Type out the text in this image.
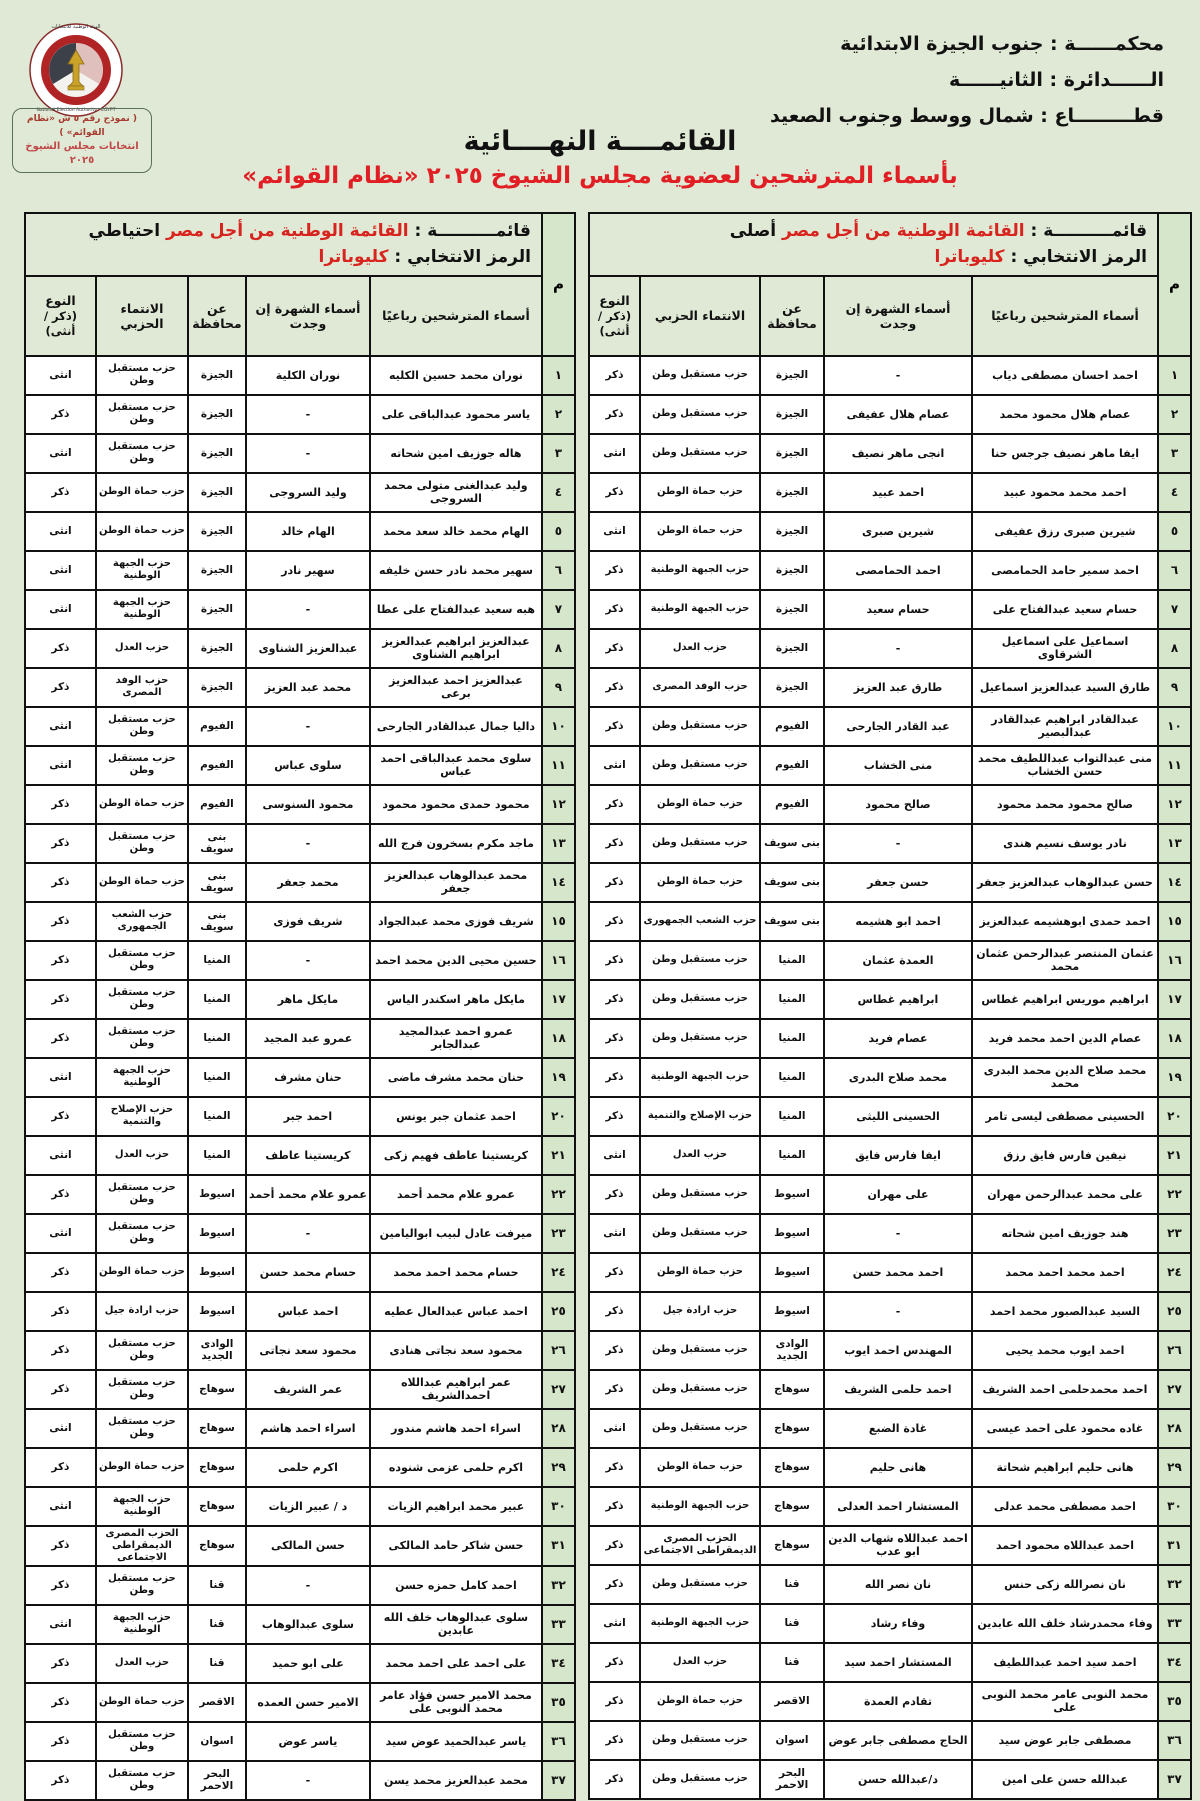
الهيئة الوطنية للانتخابات
National Election Authority · EGYPT
( نموذج رقم ٥ ش «نظام القوائم» )
انتخابات مجلس الشيوخ ٢٠٢٥
محكمــــــة : جنوب الجيزة الابتدائية
الــــــدائرة : الثانيــــــة
قطـــــــــاع : شمال ووسط وجنوب الصعيد
القائمــــة النهــــائية
بأسماء المترشحين لعضوية مجلس الشيوخ ٢٠٢٥ «نظام القوائم»
م	قائمــــــــــة : القائمة الوطنية من أجل مصر أصلى
الرمز الانتخابي : كليوباترا				

	أسماء المترشحين رباعيًا	أسماء الشهرة إن وجدت	عن محافظة	الانتماء الحزبي	النوع
(ذكر / أنثى)
١	احمد احسان مصطفى دياب	-	الجيزة	حزب مستقبل وطن	ذكر
٢	عصام هلال محمود محمد	عصام هلال عفيفى	الجيزة	حزب مستقبل وطن	ذكر
٣	ايفا ماهر نصيف جرجس حنا	انجى ماهر نصيف	الجيزة	حزب مستقبل وطن	انثى
٤	احمد محمد محمود عبيد	احمد عبيد	الجيزة	حزب حماة الوطن	ذكر
٥	شيرين صبرى رزق عفيفى	شيرين صبرى	الجيزة	حزب حماة الوطن	انثى
٦	احمد سمير حامد الحمامصى	احمد الحمامصى	الجيزة	حزب الجبهة الوطنية	ذكر
٧	حسام سعيد عبدالفتاح على	حسام سعيد	الجيزة	حزب الجبهة الوطنية	ذكر
٨	اسماعيل على اسماعيل الشرقاوى	-	الجيزة	حزب العدل	ذكر
٩	طارق السيد عبدالعزيز اسماعيل	طارق عبد العزيز	الجيزة	حزب الوفد المصرى	ذكر
١٠	عبدالقادر ابراهيم عبدالقادر عبدالبصير	عبد القادر الجارحى	الفيوم	حزب مستقبل وطن	ذكر
١١	منى عبدالتواب عبداللطيف محمد حسن الخشاب	منى الخشاب	الفيوم	حزب مستقبل وطن	انثى
١٢	صالح محمود محمد محمود	صالح محمود	الفيوم	حزب حماة الوطن	ذكر
١٣	نادر يوسف نسيم هندى	-	بنى سويف	حزب مستقبل وطن	ذكر
١٤	حسن عبدالوهاب عبدالعزيز جعفر	حسن جعفر	بنى سويف	حزب حماة الوطن	ذكر
١٥	احمد حمدى ابوهشيمه عبدالعزيز	احمد ابو هشيمه	بنى سويف	حزب الشعب الجمهورى	ذكر
١٦	عثمان المنتصر عبدالرحمن عثمان محمد	العمدة عثمان	المنيا	حزب مستقبل وطن	ذكر
١٧	ابراهيم موريس ابراهيم غطاس	ابراهيم غطاس	المنيا	حزب مستقبل وطن	ذكر
١٨	عصام الدين احمد محمد فريد	عصام فريد	المنيا	حزب مستقبل وطن	ذكر
١٩	محمد صلاح الدين محمد البدرى محمد	محمد صلاح البدرى	المنيا	حزب الجبهة الوطنية	ذكر
٢٠	الحسينى مصطفى ليسى تامر	الحسينى الليثى	المنيا	حزب الإصلاح والتنمية	ذكر
٢١	نيفين فارس فايق رزق	ايفا فارس فايق	المنيا	حزب العدل	انثى
٢٢	على محمد عبدالرحمن مهران	على مهران	اسيوط	حزب مستقبل وطن	ذكر
٢٣	هند جوزيف امين شحاته	-	اسيوط	حزب مستقبل وطن	انثى
٢٤	احمد محمد احمد محمد	احمد محمد حسن	اسيوط	حزب حماة الوطن	ذكر
٢٥	السيد عبدالصبور محمد احمد	-	اسيوط	حزب ارادة جيل	ذكر
٢٦	احمد ايوب محمد يحيى	المهندس احمد ايوب	الوادى الجديد	حزب مستقبل وطن	ذكر
٢٧	احمد محمدحلمى احمد الشريف	احمد حلمى الشريف	سوهاج	حزب مستقبل وطن	ذكر
٢٨	غاده محمود على احمد عيسى	غادة الضبع	سوهاج	حزب مستقبل وطن	انثى
٢٩	هانى حليم ابراهيم شحاتة	هانى حليم	سوهاج	حزب حماة الوطن	ذكر
٣٠	احمد مصطفى محمد عدلى	المستشار احمد العدلى	سوهاج	حزب الجبهة الوطنية	ذكر
٣١	احمد عبداللاه محمود احمد	احمد عبداللاه شهاب الدين ابو عدب	سوهاج	الحزب المصرى الديمقراطى الاجتماعى	ذكر
٣٢	نان نصرالله زكى حنس	نان نصر الله	قنا	حزب مستقبل وطن	ذكر
٣٣	وفاء محمدرشاد خلف الله عابدين	وفاء رشاد	قنا	حزب الجبهة الوطنية	انثى
٣٤	احمد سيد احمد عبداللطيف	المستشار احمد سيد	قنا	حزب العدل	ذكر
٣٥	محمد النوبى عامر محمد النوبى على	تقادم العمدة	الاقصر	حزب حماة الوطن	ذكر
٣٦	مصطفى جابر عوض سيد	الحاج مصطفى جابر عوض	اسوان	حزب مستقبل وطن	ذكر
٣٧	عبدالله حسن على امين	د/عبدالله حسن	البحر الاحمر	حزب مستقبل وطن	ذكر
م	قائمــــــــــة : القائمة الوطنية من أجل مصر احتياطي
الرمز الانتخابي : كليوباترا				

	أسماء المترشحين رباعيًا	أسماء الشهرة إن وجدت	عن محافظة	الانتماء الحزبي	النوع
(ذكر / أنثى)
١	نوران محمد حسين الكليه	نوران الكلية	الجيزة	حزب مستقبل وطن	انثى
٢	ياسر محمود عبدالباقى على	-	الجيزة	حزب مستقبل وطن	ذكر
٣	هاله جوزيف امين شحاته	-	الجيزة	حزب مستقبل وطن	انثى
٤	وليد عبدالغنى متولى محمد السروجى	وليد السروجى	الجيزة	حزب حماة الوطن	ذكر
٥	الهام محمد خالد سعد محمد	الهام خالد	الجيزة	حزب حماة الوطن	انثى
٦	سهير محمد نادر حسن خليفه	سهير نادر	الجيزة	حزب الجبهة الوطنية	انثى
٧	هبه سعيد عبدالفتاح على عطا	-	الجيزة	حزب الجبهة الوطنية	انثى
٨	عبدالعزيز ابراهيم عبدالعزيز ابراهيم الشناوى	عبدالعزيز الشناوى	الجيزة	حزب العدل	ذكر
٩	عبدالعزيز احمد عبدالعزيز برعى	محمد عبد العزيز	الجيزة	حزب الوفد المصرى	ذكر
١٠	داليا جمال عبدالقادر الجارحى	-	الفيوم	حزب مستقبل وطن	انثى
١١	سلوى محمد عبدالباقى احمد عباس	سلوى عباس	الفيوم	حزب مستقبل وطن	انثى
١٢	محمود حمدى محمود محمود	محمود السنوسى	الفيوم	حزب حماة الوطن	ذكر
١٣	ماجد مكرم بسخرون فرج الله	-	بنى سويف	حزب مستقبل وطن	ذكر
١٤	محمد عبدالوهاب عبدالعزيز جعفر	محمد جعفر	بنى سويف	حزب حماة الوطن	ذكر
١٥	شريف فوزى محمد عبدالجواد	شريف فوزى	بنى سويف	حزب الشعب الجمهورى	ذكر
١٦	حسين محيى الدين محمد احمد	-	المنيا	حزب مستقبل وطن	ذكر
١٧	مايكل ماهر اسكندر الياس	مايكل ماهر	المنيا	حزب مستقبل وطن	ذكر
١٨	عمرو احمد عبدالمجيد عبدالجابر	عمرو عبد المجيد	المنيا	حزب مستقبل وطن	ذكر
١٩	حنان محمد مشرف ماضى	حنان مشرف	المنيا	حزب الجبهة الوطنية	انثى
٢٠	احمد عثمان جبر يونس	احمد جبر	المنيا	حزب الإصلاح والتنمية	ذكر
٢١	كريستينا عاطف فهيم زكى	كريستينا عاطف	المنيا	حزب العدل	انثى
٢٢	عمرو علام محمد أحمد	عمرو علام محمد أحمد	اسيوط	حزب مستقبل وطن	ذكر
٢٣	ميرفت عادل لبيب ابواليامين	-	اسيوط	حزب مستقبل وطن	انثى
٢٤	حسام محمد احمد محمد	حسام محمد حسن	اسيوط	حزب حماة الوطن	ذكر
٢٥	احمد عباس عبدالعال عطيه	احمد عباس	اسيوط	حزب ارادة جيل	ذكر
٢٦	محمود سعد نجاتى هنادى	محمود سعد نجاتى	الوادى الجديد	حزب مستقبل وطن	ذكر
٢٧	عمر ابراهيم عبداللاه احمدالشريف	عمر الشريف	سوهاج	حزب مستقبل وطن	ذكر
٢٨	اسراء احمد هاشم مندور	اسراء احمد هاشم	سوهاج	حزب مستقبل وطن	انثى
٢٩	اكرم حلمى عزمى شنوده	اكرم حلمى	سوهاج	حزب حماة الوطن	ذكر
٣٠	عبير محمد ابراهيم الزيات	د / عبير الزيات	سوهاج	حزب الجبهة الوطنية	انثى
٣١	حسن شاكر حامد المالكى	حسن المالكى	سوهاج	الحزب المصرى الديمقراطى الاجتماعى	ذكر
٣٢	احمد كامل حمزه حسن	-	قنا	حزب مستقبل وطن	ذكر
٣٣	سلوى عبدالوهاب خلف الله عابدين	سلوى عبدالوهاب	قنا	حزب الجبهة الوطنية	انثى
٣٤	على احمد على احمد محمد	على ابو حميد	قنا	حزب العدل	ذكر
٣٥	محمد الامير حسن فؤاد عامر محمد النوبى على	الامير حسن العمده	الاقصر	حزب حماة الوطن	ذكر
٣٦	ياسر عبدالحميد عوض سيد	ياسر عوض	اسوان	حزب مستقبل وطن	ذكر
٣٧	محمد عبدالعزيز محمد يسن	-	البحر الاحمر	حزب مستقبل وطن	ذكر
